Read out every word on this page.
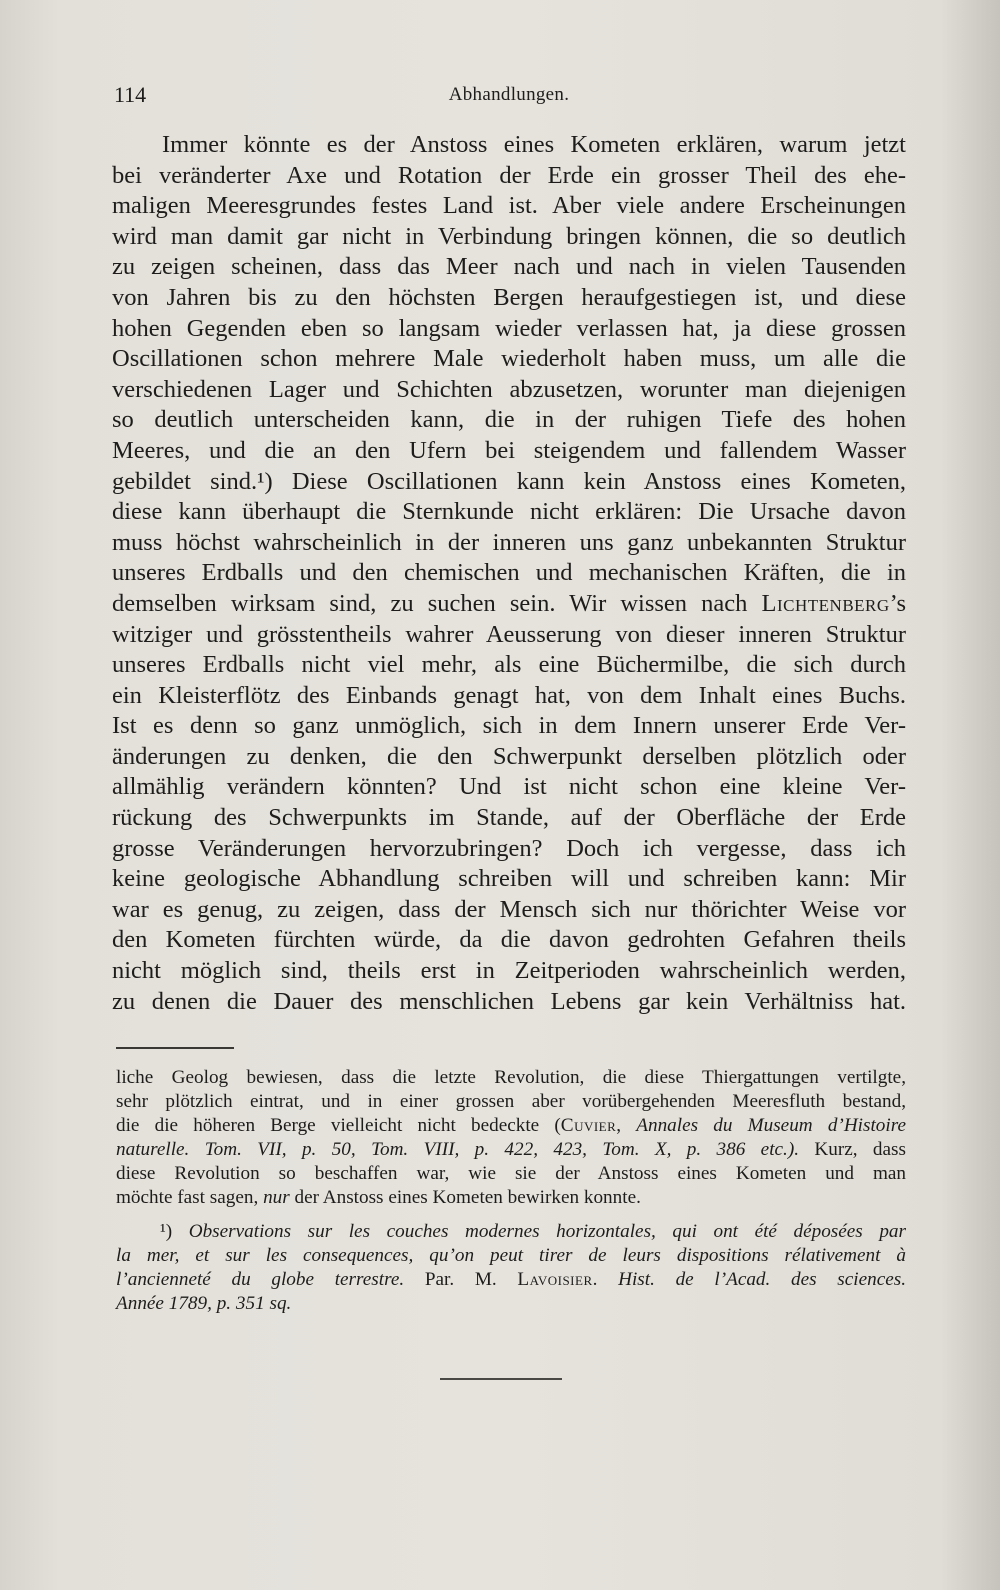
114	Abhandlungen.
Immer könnte es der Anstoss eines Kometen erklären, warum jetzt
bei veränderter Axe und Rotation der Erde ein grosser Theil des ehe-
maligen Meeresgrundes festes Land ist. Aber viele andere Erscheinungen
wird man damit gar nicht in Verbindung bringen können, die so deutlich
zu zeigen scheinen, dass das Meer nach und nach in vielen Tausenden
von Jahren bis zu den höchsten Bergen heraufgestiegen ist, und diese
hohen Gegenden eben so langsam wieder verlassen hat, ja diese grossen
Oscillationen schon mehrere Male wiederholt haben muss, um alle die
verschiedenen Lager und Schichten abzusetzen, worunter man diejenigen
so deutlich unterscheiden kann, die in der ruhigen Tiefe des hohen
Meeres, und die an den Ufern bei steigendem und fallendem Wasser
gebildet sind.¹) Diese Oscillationen kann kein Anstoss eines Kometen,
diese kann überhaupt die Sternkunde nicht erklären: Die Ursache davon
muss höchst wahrscheinlich in der inneren uns ganz unbekannten Struktur
unseres Erdballs und den chemischen und mechanischen Kräften, die in
demselben wirksam sind, zu suchen sein. Wir wissen nach Lichtenberg’s
witziger und grösstentheils wahrer Aeusserung von dieser inneren Struktur
unseres Erdballs nicht viel mehr, als eine Büchermilbe, die sich durch
ein Kleisterflötz des Einbands genagt hat, von dem Inhalt eines Buchs.
Ist es denn so ganz unmöglich, sich in dem Innern unserer Erde Ver-
änderungen zu denken, die den Schwerpunkt derselben plötzlich oder
allmählig verändern könnten? Und ist nicht schon eine kleine Ver-
rückung des Schwerpunkts im Stande, auf der Oberfläche der Erde
grosse Veränderungen hervorzubringen? Doch ich vergesse, dass ich
keine geologische Abhandlung schreiben will und schreiben kann: Mir
war es genug, zu zeigen, dass der Mensch sich nur thörichter Weise vor
den Kometen fürchten würde, da die davon gedrohten Gefahren theils
nicht möglich sind, theils erst in Zeitperioden wahrscheinlich werden,
zu denen die Dauer des menschlichen Lebens gar kein Verhältniss hat.
liche Geolog bewiesen, dass die letzte Revolution, die diese Thiergattungen vertilgte,
sehr plötzlich eintrat, und in einer grossen aber vorübergehenden Meeresfluth bestand,
die die höheren Berge vielleicht nicht bedeckte (Cuvier, Annales du Museum d’Histoire
naturelle. Tom. VII, p. 50, Tom. VIII, p. 422, 423, Tom. X, p. 386 etc.). Kurz, dass
diese Revolution so beschaffen war, wie sie der Anstoss eines Kometen und man
möchte fast sagen, nur der Anstoss eines Kometen bewirken konnte.
¹) Observations sur les couches modernes horizontales, qui ont été déposées par
la mer, et sur les consequences, qu’on peut tirer de leurs dispositions rélativement à
l’ancienneté du globe terrestre. Par. M. Lavoisier. Hist. de l’Acad. des sciences.
Année 1789, p. 351 sq.
